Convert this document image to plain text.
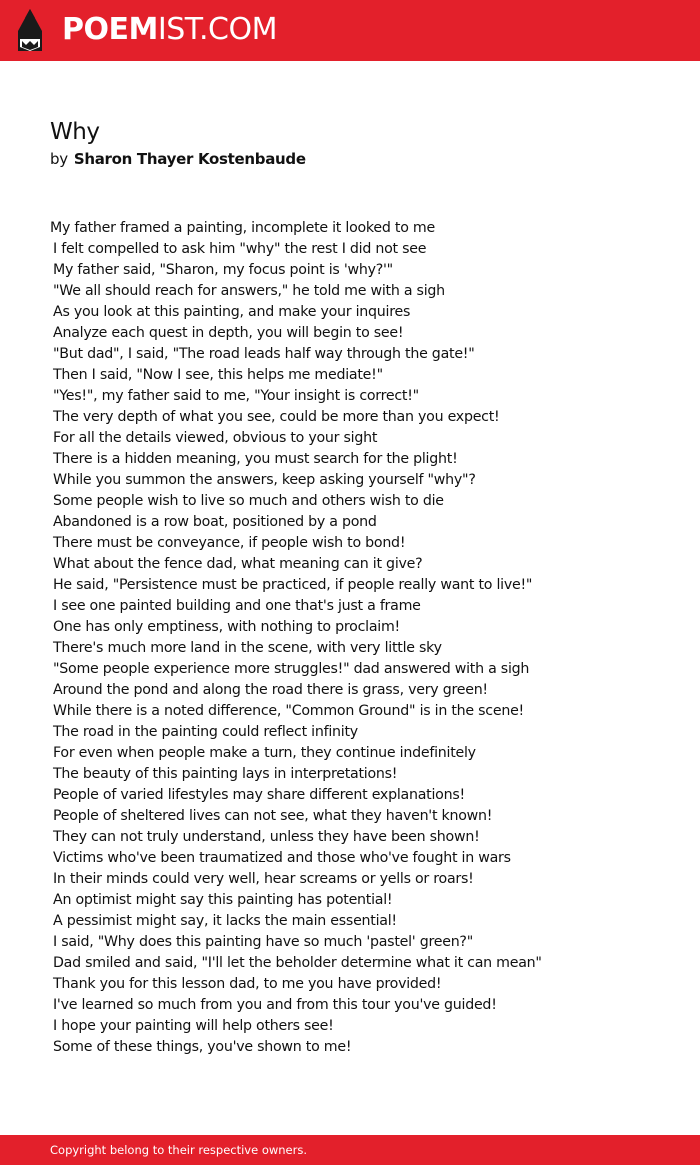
POEMIST.COM
Why
by Sharon Thayer Kostenbaude
My father framed a painting, incomplete it looked to me
I felt compelled to ask him "why" the rest I did not see
My father said, "Sharon, my focus point is 'why?'"
"We all should reach for answers," he told me with a sigh
As you look at this painting, and make your inquires
Analyze each quest in depth, you will begin to see!
"But dad", I said, "The road leads half way through the gate!"
Then I said, "Now I see, this helps me mediate!"
"Yes!", my father said to me, "Your insight is correct!"
The very depth of what you see, could be more than you expect!
For all the details viewed, obvious to your sight
There is a hidden meaning, you must search for the plight!
While you summon the answers, keep asking yourself "why"?
Some people wish to live so much and others wish to die
Abandoned is a row boat, positioned by a pond
There must be conveyance, if people wish to bond!
What about the fence dad, what meaning can it give?
He said, "Persistence must be practiced, if people really want to live!"
I see one painted building and one that's just a frame
One has only emptiness, with nothing to proclaim!
There's much more land in the scene, with very little sky
"Some people experience more struggles!" dad answered with a sigh
Around the pond and along the road there is grass, very green!
While there is a noted difference, "Common Ground" is in the scene!
The road in the painting could reflect infinity
For even when people make a turn, they continue indefinitely
The beauty of this painting lays in interpretations!
People of varied lifestyles may share different explanations!
People of sheltered lives can not see, what they haven't known!
They can not truly understand, unless they have been shown!
Victims who've been traumatized and those who've fought in wars
In their minds could very well, hear screams or yells or roars!
An optimist might say this painting has potential!
A pessimist might say, it lacks the main essential!
I said, "Why does this painting have so much 'pastel' green?"
Dad smiled and said, "I'll let the beholder determine what it can mean"
Thank you for this lesson dad, to me you have provided!
I've learned so much from you and from this tour you've guided!
I hope your painting will help others see!
Some of these things, you've shown to me!
Copyright belong to their respective owners.
